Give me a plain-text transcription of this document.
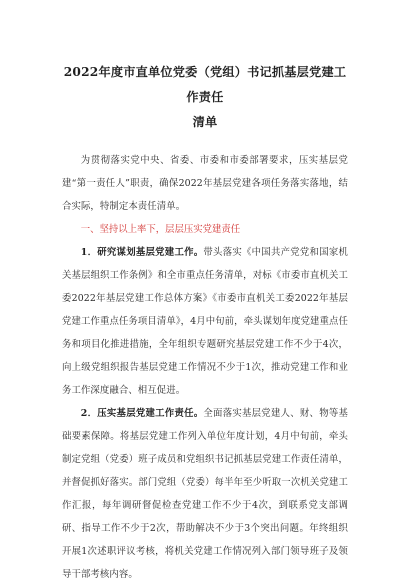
2022年度市直单位党委（党组）书记抓基层党建工作责任
清单

为贯彻落实党中央、省委、市委和市委部署要求，压实基层党建“第一责任人”职责，确保2022年基层党建各项任务落实落地，结合实际，特制定本责任清单。

一、坚持以上率下，层层压实党建责任

1．研究谋划基层党建工作。带头落实《中国共产党党和国家机关基层组织工作条例》和全市重点任务清单，对标《市委市直机关工委2022年基层党建工作总体方案》《市委市直机关工委2022年基层党建工作重点任务项目清单》，4月中旬前，牵头谋划年度党建重点任务和项目化推进措施，全年组织专题研究基层党建工作不少于4次，向上级党组织报告基层党建工作情况不少于1次，推动党建工作和业务工作深度融合、相互促进。

2．压实基层党建工作责任。全面落实基层党建人、财、物等基础要素保障。将基层党建工作列入单位年度计划，4月中旬前，牵头制定党组（党委）班子成员和党组织书记抓基层党建工作责任清单，并督促抓好落实。部门党组（党委）每半年至少听取一次机关党建工作汇报，每年调研督促检查党建工作不少于4次，到联系党支部调研、指导工作不少于2次，帮助解决不少于3个突出问题。年终组织开展1次述职评议考核，将机关党建工作情况列入部门领导班子及领导干部考核内容。
